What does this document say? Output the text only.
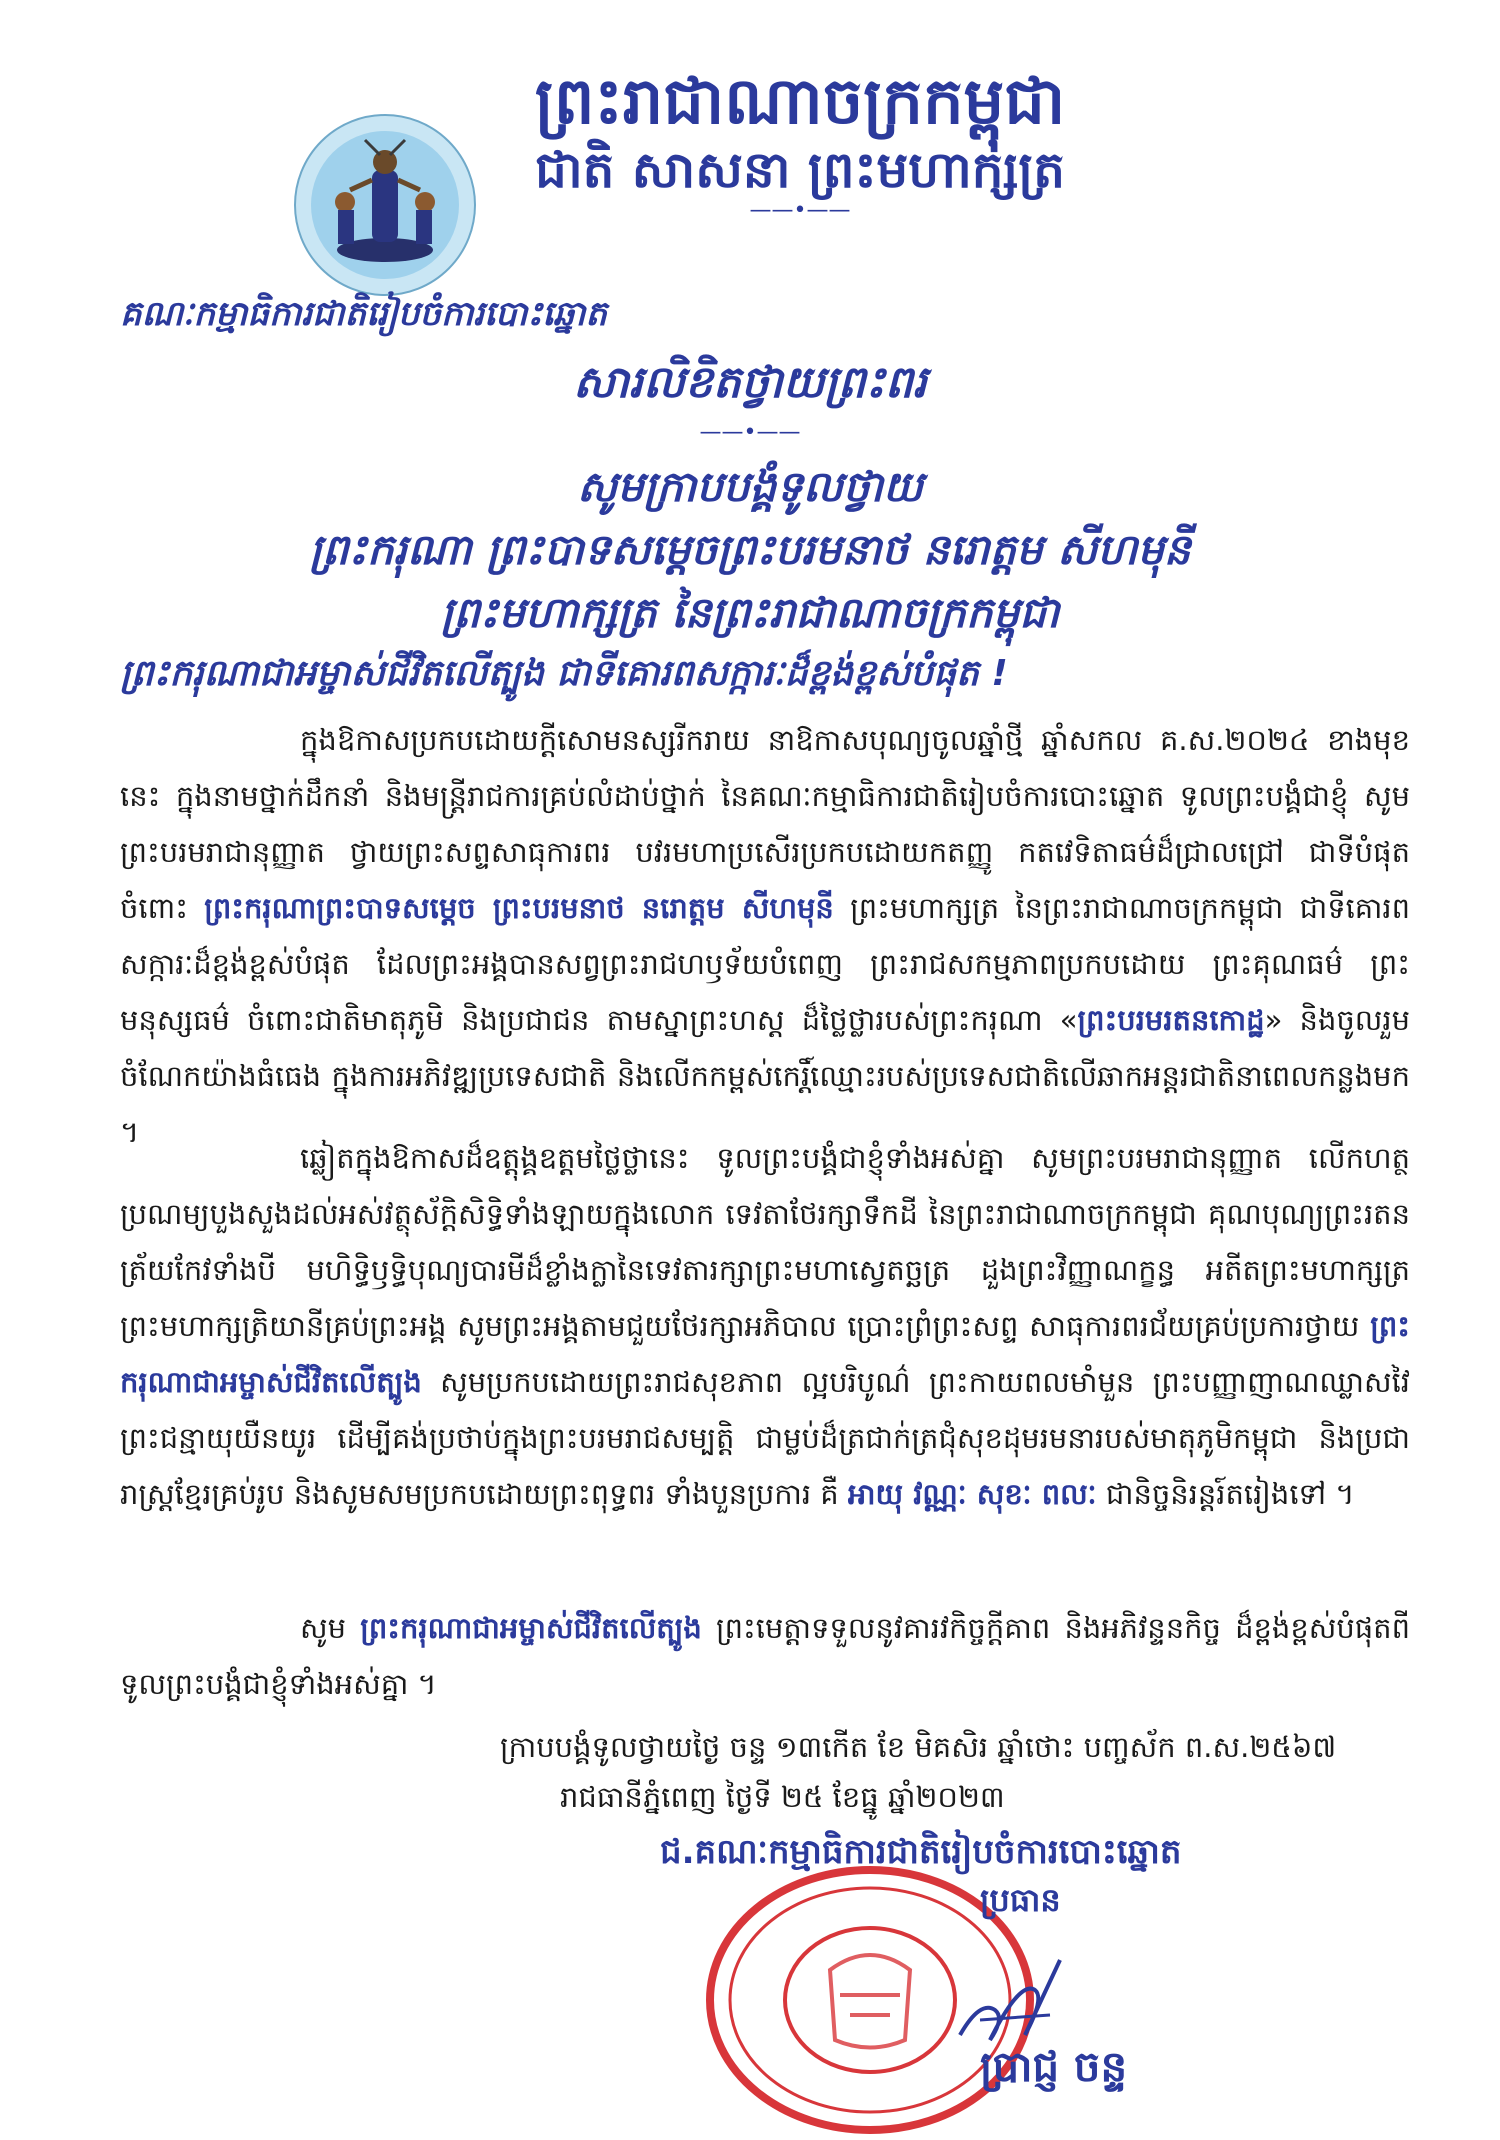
ព្រះរាជាណាចក្រកម្ពុជា
ជាតិ សាសនា ព្រះមហាក្សត្រ
——•——
គណៈកម្មាធិការជាតិរៀបចំការបោះឆ្នោត
សារលិខិតថ្វាយព្រះពរ
——•——
សូមក្រាបបង្គំទូលថ្វាយ
ព្រះករុណា ព្រះបាទសម្តេចព្រះបរមនាថ នរោត្តម សីហមុនី
ព្រះមហាក្សត្រ នៃព្រះរាជាណាចក្រកម្ពុជា
ព្រះករុណាជាអម្ចាស់ជីវិតលើត្បូង ជាទីគោរពសក្ការៈដ៏ខ្ពង់ខ្ពស់បំផុត !
ក្នុងឱកាសប្រកបដោយក្តីសោមនស្សរីករាយ នាឱកាសបុណ្យចូលឆ្នាំថ្មី ឆ្នាំសកល គ.ស.២០២៤ ខាងមុខនេះ ក្នុងនាមថ្នាក់ដឹកនាំ និងមន្រ្តីរាជការគ្រប់លំដាប់ថ្នាក់ នៃគណៈកម្មាធិការជាតិរៀបចំការបោះឆ្នោត ទូលព្រះបង្គំជាខ្ញុំ សូមព្រះបរមរាជានុញ្ញាត ថ្វាយព្រះសព្ទសាធុការពរ បវរមហាប្រសើរប្រកបដោយកតញ្ញូ កតវេទិតាធម៌ដ៏ជ្រាលជ្រៅ ជាទីបំផុត ចំពោះ ព្រះករុណាព្រះបាទសម្តេច ព្រះបរមនាថ នរោត្តម សីហមុនី ព្រះមហាក្សត្រ នៃព្រះរាជាណាចក្រកម្ពុជា ជាទីគោរពសក្ការៈដ៏ខ្ពង់ខ្ពស់បំផុត ដែលព្រះអង្គបានសព្វព្រះរាជហឫទ័យបំពេញ ព្រះរាជសកម្មភាពប្រកបដោយ ព្រះគុណធម៌ ព្រះមនុស្សធម៌ ចំពោះជាតិមាតុភូមិ និងប្រជាជន តាមស្នាព្រះហស្ត ដ៏ថ្លៃថ្លារបស់ព្រះករុណា «ព្រះបរមរតនកោដ្ឋ» និងចូលរួមចំណែកយ៉ាងធំធេង ក្នុងការអភិវឌ្ឍប្រទេសជាតិ និងលើកកម្ពស់កេរ្តិ៍ឈ្មោះរបស់ប្រទេសជាតិលើឆាកអន្តរជាតិនាពេលកន្លងមក ។
ឆ្លៀតក្នុងឱកាសដ៏ឧត្តុង្គឧត្តមថ្លៃថ្លានេះ ទូលព្រះបង្គំជាខ្ញុំទាំងអស់គ្នា សូមព្រះបរមរាជានុញ្ញាត លើកហត្ថប្រណម្យបួងសួងដល់អស់វត្ថុស័ក្តិសិទ្ធិទាំងឡាយក្នុងលោក ទេវតាថែរក្សាទឹកដី នៃព្រះរាជាណាចក្រកម្ពុជា គុណបុណ្យព្រះរតនត្រ័យកែវទាំងបី មហិទ្ធិឫទ្ធិបុណ្យបារមីដ៏ខ្លាំងក្លានៃទេវតារក្សាព្រះមហាស្វេតច្ឆត្រ ដួងព្រះវិញ្ញាណក្ខន្ធ អតីតព្រះមហាក្សត្រ ព្រះមហាក្សត្រិយានីគ្រប់ព្រះអង្គ សូមព្រះអង្គតាមជួយថែរក្សាអភិបាល ប្រោះព្រំព្រះសព្ទ សាធុការពរជ័យគ្រប់ប្រការថ្វាយ ព្រះករុណាជាអម្ចាស់ជីវិតលើត្បូង សូមប្រកបដោយព្រះរាជសុខភាព ល្អបរិបូណ៌ ព្រះកាយពលមាំមួន ព្រះបញ្ញាញាណឈ្លាសវៃ ព្រះជន្មាយុយឺនយូរ ដើម្បីគង់ប្រថាប់ក្នុងព្រះបរមរាជសម្បត្តិ ជាម្លប់ដ៏ត្រជាក់ត្រជុំសុខដុមរមនារបស់មាតុភូមិកម្ពុជា និងប្រជារាស្ត្រខ្មែរគ្រប់រូប និងសូមសមប្រកបដោយព្រះពុទ្ធពរ ទាំងបួនប្រការ គឺ អាយុ វណ្ណៈ សុខៈ ពលៈ ជានិច្ចនិរន្តរ៍តរៀងទៅ ។
សូម ព្រះករុណាជាអម្ចាស់ជីវិតលើត្បូង ព្រះមេត្តាទទួលនូវគារវកិច្ចក្តីគាព និងអភិវន្ទនកិច្ច ដ៏ខ្ពង់ខ្ពស់បំផុតពីទូលព្រះបង្គំជាខ្ញុំទាំងអស់គ្នា ។
ក្រាបបង្គំទូលថ្វាយថ្ងៃ ចន្ទ ១៣កើត ខែ មិគសិរ ឆ្នាំថោះ បញ្ចស័ក ព.ស.២៥៦៧
រាជធានីភ្នំពេញ ថ្ងៃទី ២៥ ខែធ្នូ ឆ្នាំ២០២៣
ជ.គណៈកម្មាធិការជាតិរៀបចំការបោះឆ្នោត
ប្រធាន
ប្រាជ្ញ ចន្ទ
